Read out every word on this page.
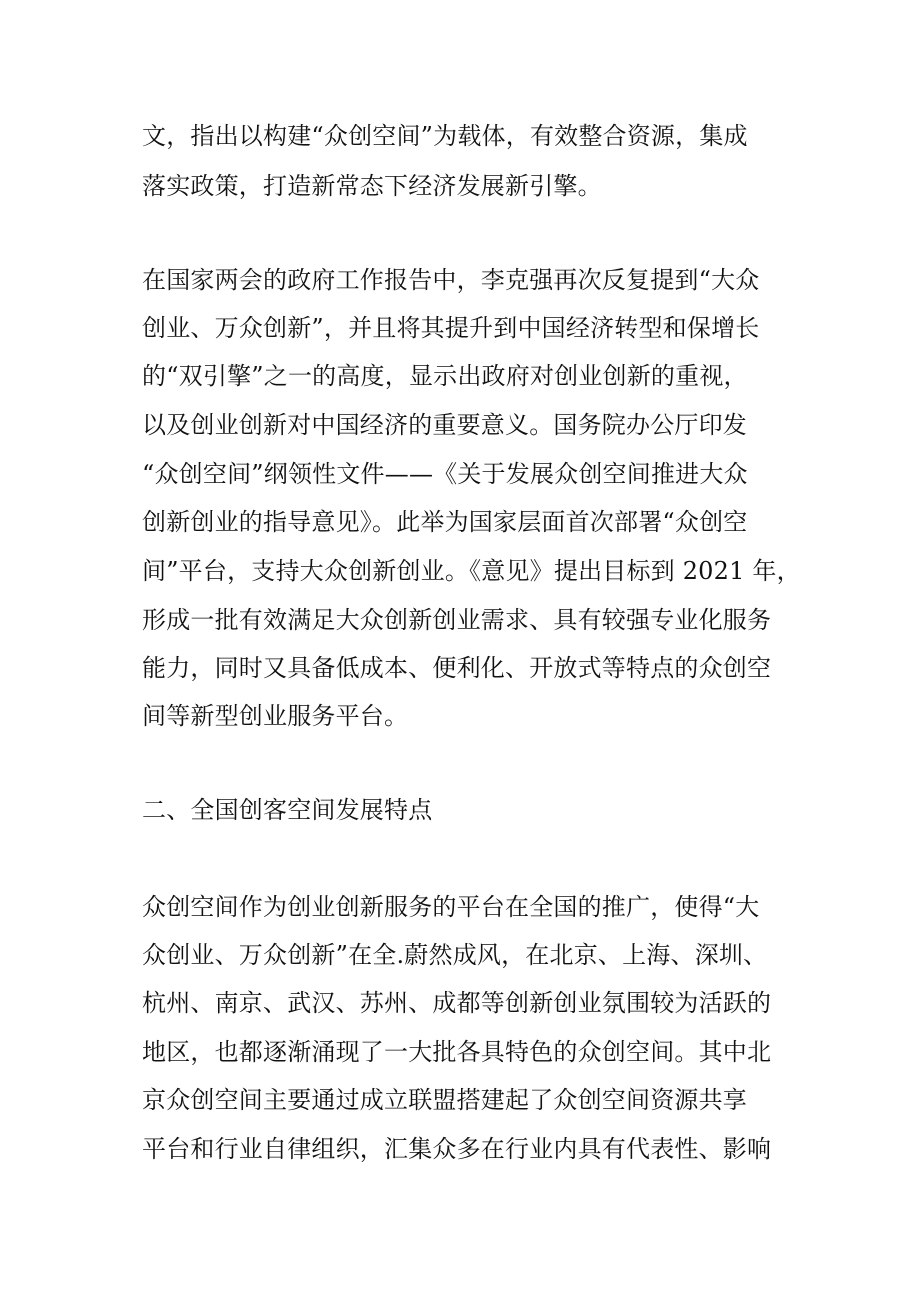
文，指出以构建“众创空间”为载体，有效整合资源，集成
落实政策，打造新常态下经济发展新引擎。
在国家两会的政府工作报告中，李克强再次反复提到“大众
创业、万众创新”，并且将其提升到中国经济转型和保增长
的“双引擎”之一的高度，显示出政府对创业创新的重视，
以及创业创新对中国经济的重要意义。国务院办公厅印发
“众创空间”纲领性文件——《关于发展众创空间推进大众
创新创业的指导意见》。此举为国家层面首次部署“众创空
间”平台，支持大众创新创业。《意见》提出目标到 2021 年，
形成一批有效满足大众创新创业需求、具有较强专业化服务
能力，同时又具备低成本、便利化、开放式等特点的众创空
间等新型创业服务平台。
二、全国创客空间发展特点
众创空间作为创业创新服务的平台在全国的推广，使得“大
众创业、万众创新”在全.蔚然成风，在北京、上海、深圳、
杭州、南京、武汉、苏州、成都等创新创业氛围较为活跃的
地区，也都逐渐涌现了一大批各具特色的众创空间。其中北
京众创空间主要通过成立联盟搭建起了众创空间资源共享
平台和行业自律组织，汇集众多在行业内具有代表性、影响
